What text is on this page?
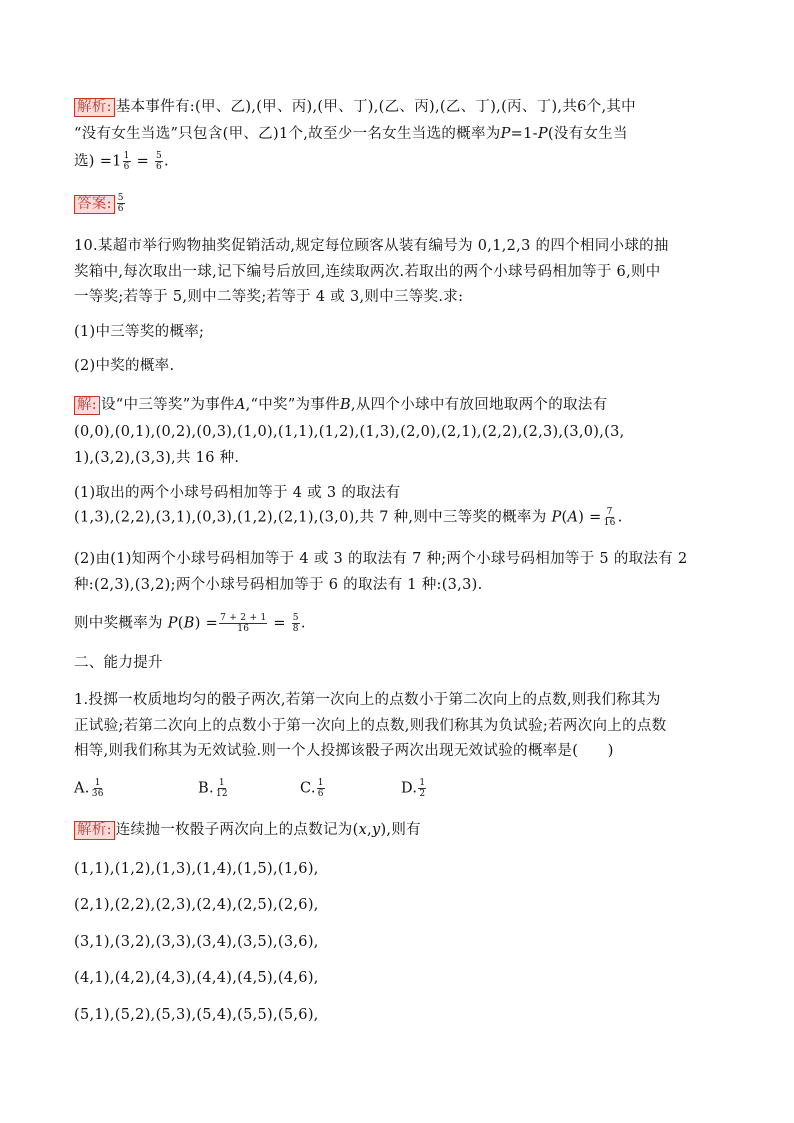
解析: 基本事件有:(甲、乙),(甲、丙),(甲、丁),(乙、丙),(乙、丁),(丙、丁),共6个,其中
“没有女生当选”只包含(甲、乙)1个,故至少一名女生当选的概率为P=1-P(没有女生当
选) $=1 \frac{1}{6} = \frac{5}{6}$ .
答案: $\frac{5}{6}$
10.某超市举行购物抽奖促销活动,规定每位顾客从装有编号为 0,1,2,3 的四个相同小球的抽
奖箱中,每次取出一球,记下编号后放回,连续取两次.若取出的两个小球号码相加等于 6,则中
一等奖;若等于 5,则中二等奖;若等于 4 或 3,则中三等奖.求:
(1)中三等奖的概率;
(2)中奖的概率.
解: 设“中三等奖”为事件A,“中奖”为事件B,从四个小球中有放回地取两个的取法有
(0,0),(0,1),(0,2),(0,3),(1,0),(1,1),(1,2),(1,3),(2,0),(2,1),(2,2),(2,3),(3,0),(3,
1),(3,2),(3,3),共 16 种.
(1)取出的两个小球号码相加等于 4 或 3 的取法有
(1,3),(2,2),(3,1),(0,3),(1,2),(2,1),(3,0),共 7 种,则中三等奖的概率为 $P(A) = \frac{7}{16}$ .
(2)由(1)知两个小球号码相加等于 4 或 3 的取法有 7 种;两个小球号码相加等于 5 的取法有 2
种:(2,3),(3,2);两个小球号码相加等于 6 的取法有 1 种:(3,3).
则中奖概率为 $P(B) = \frac{7 + 2 + 1}{16} = \frac{5}{8}$ .
二、能力提升
1.投掷一枚质地均匀的骰子两次,若第一次向上的点数小于第二次向上的点数,则我们称其为
正试验;若第二次向上的点数小于第一次向上的点数,则我们称其为负试验;若两次向上的点数
相等,则我们称其为无效试验.则一个人投掷该骰子两次出现无效试验的概率是(　　)
A. $\frac{1}{36}$	B. $\frac{1}{12}$	C. $\frac{1}{6}$	D. $\frac{1}{2}$
解析: 连续抛一枚骰子两次向上的点数记为(x,y),则有
(1,1),(1,2),(1,3),(1,4),(1,5),(1,6),
(2,1),(2,2),(2,3),(2,4),(2,5),(2,6),
(3,1),(3,2),(3,3),(3,4),(3,5),(3,6),
(4,1),(4,2),(4,3),(4,4),(4,5),(4,6),
(5,1),(5,2),(5,3),(5,4),(5,5),(5,6),
